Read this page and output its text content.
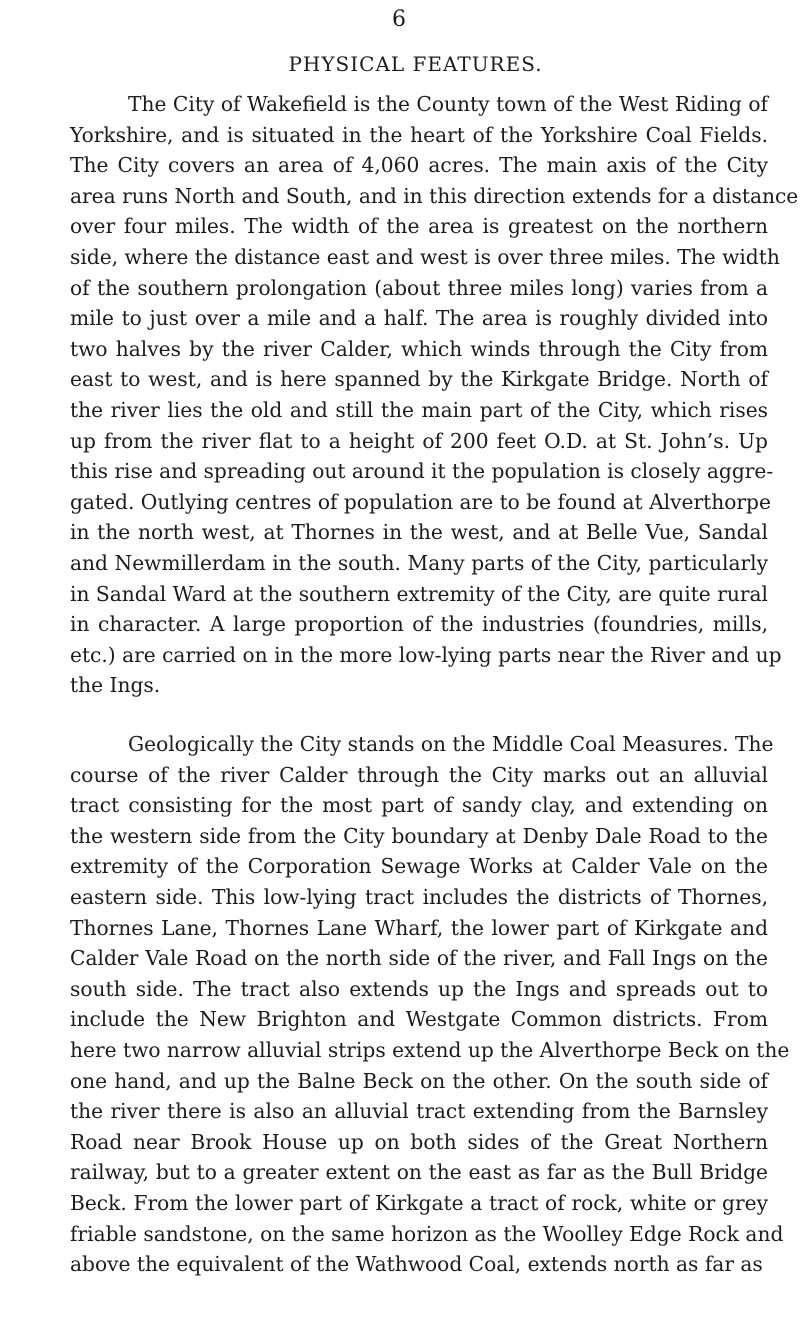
6
PHYSICAL FEATURES.
The City of Wakefield is the County town of the West Riding of
Yorkshire, and is situated in the heart of the Yorkshire Coal Fields.
The City covers an area of 4,060 acres. The main axis of the City
area runs North and South, and in this direction extends for a distance
over four miles. The width of the area is greatest on the northern
side, where the distance east and west is over three miles. The width
of the southern prolongation (about three miles long) varies from a
mile to just over a mile and a half. The area is roughly divided into
two halves by the river Calder, which winds through the City from
east to west, and is here spanned by the Kirkgate Bridge. North of
the river lies the old and still the main part of the City, which rises
up from the river flat to a height of 200 feet O.D. at St. John’s. Up
this rise and spreading out around it the population is closely aggre-
gated. Outlying centres of population are to be found at Alverthorpe
in the north west, at Thornes in the west, and at Belle Vue, Sandal
and Newmillerdam in the south. Many parts of the City, particularly
in Sandal Ward at the southern extremity of the City, are quite rural
in character. A large proportion of the industries (foundries, mills,
etc.) are carried on in the more low-lying parts near the River and up
the Ings.
Geologically the City stands on the Middle Coal Measures. The
course of the river Calder through the City marks out an alluvial
tract consisting for the most part of sandy clay, and extending on
the western side from the City boundary at Denby Dale Road to the
extremity of the Corporation Sewage Works at Calder Vale on the
eastern side. This low-lying tract includes the districts of Thornes,
Thornes Lane, Thornes Lane Wharf, the lower part of Kirkgate and
Calder Vale Road on the north side of the river, and Fall Ings on the
south side. The tract also extends up the Ings and spreads out to
include the New Brighton and Westgate Common districts. From
here two narrow alluvial strips extend up the Alverthorpe Beck on the
one hand, and up the Balne Beck on the other. On the south side of
the river there is also an alluvial tract extending from the Barnsley
Road near Brook House up on both sides of the Great Northern
railway, but to a greater extent on the east as far as the Bull Bridge
Beck. From the lower part of Kirkgate a tract of rock, white or grey
friable sandstone, on the same horizon as the Woolley Edge Rock and
above the equivalent of the Wathwood Coal, extends north as far as
